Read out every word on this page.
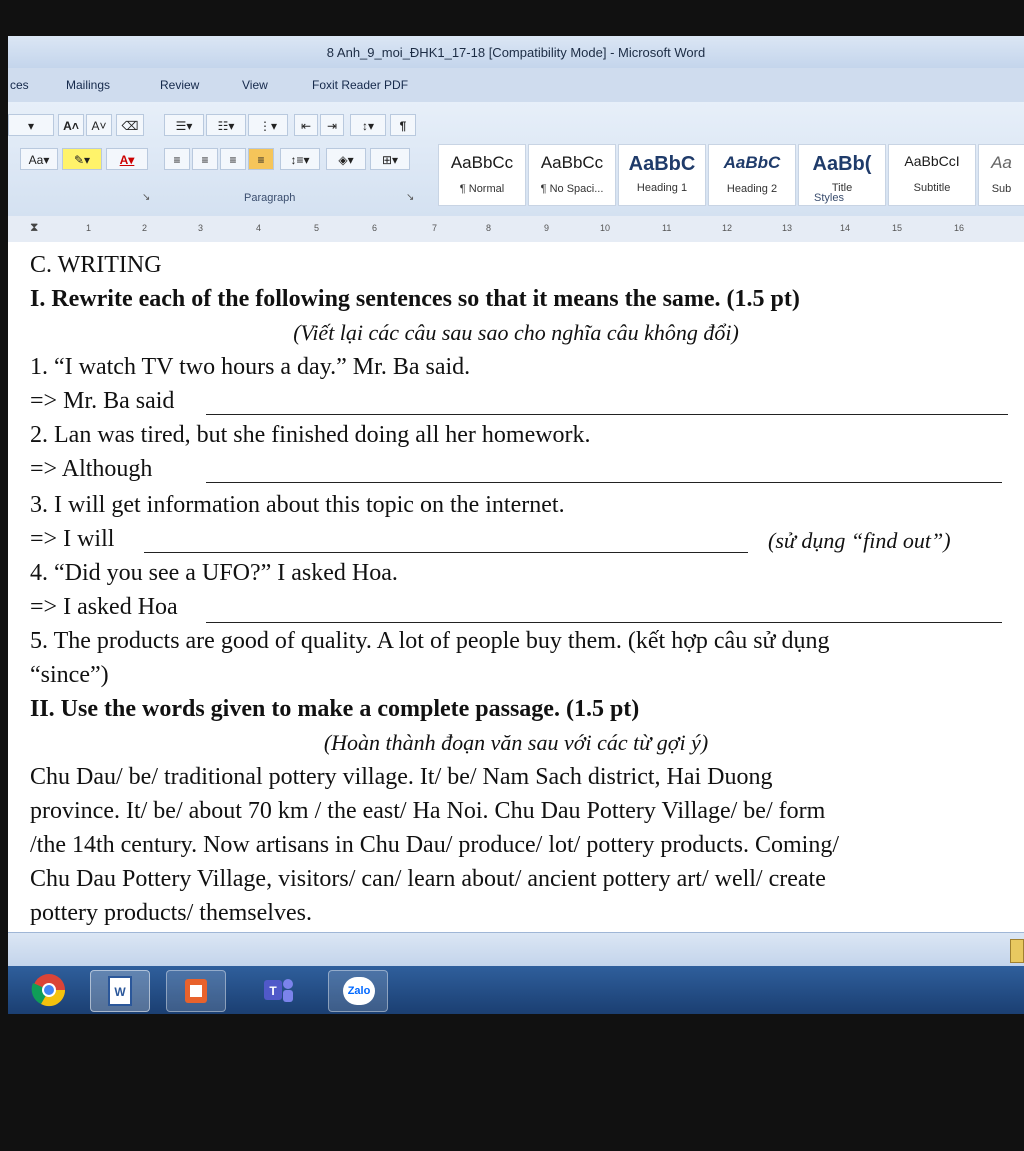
8 Anh_9_moi_ĐHK1_17-18 [Compatibility Mode] - Microsoft Word
ces	Mailings	Review	View	Foxit Reader PDF
▾	A˄	A˅	⌫
Aa▾	✎▾	A▾
☰▾	☷▾	⋮▾	⇤	⇥	↕▾	¶
≡	≡	≡	≡	↕≡▾	◈▾	⊞▾
Paragraph
↘	↘
AaBbCc
¶ Normal
AaBbCc
¶ No Spaci...
AaBbC
Heading 1
AaBbC
Heading 2
AaBb(
Title
AaBbCcI
Subtitle
Aa
Sub
Styles
⧗	1	2	3	4	5	6	7	8	9	10	11	12	13	14	15	16
C. WRITING
I. Rewrite each of the following sentences so that it means the same. (1.5 pt)
(Viết lại các câu sau sao cho nghĩa câu không đổi)
1. “I watch TV two hours a day.” Mr. Ba said.
=> Mr. Ba said
2. Lan was tired, but she finished doing all her homework.
=> Although
3. I will get information about this topic on the internet.
=> I will	(sử dụng “find out”)
4. “Did you see a UFO?” I asked Hoa.
=> I asked Hoa
5. The products are good of quality. A lot of people buy them. (kết hợp câu sử dụng
“since”)
II. Use the words given to make a complete passage. (1.5 pt)
(Hoàn thành đoạn văn sau với các từ gợi ý)
Chu Dau/ be/ traditional pottery village. It/ be/ Nam Sach district, Hai Duong
province. It/ be/ about 70 km / the east/ Ha Noi. Chu Dau Pottery Village/ be/ form
/the 14th century. Now artisans in Chu Dau/ produce/ lot/ pottery products. Coming/
Chu Dau Pottery Village, visitors/ can/ learn about/ ancient pottery art/ well/ create
pottery products/ themselves.
W	T	Zalo
